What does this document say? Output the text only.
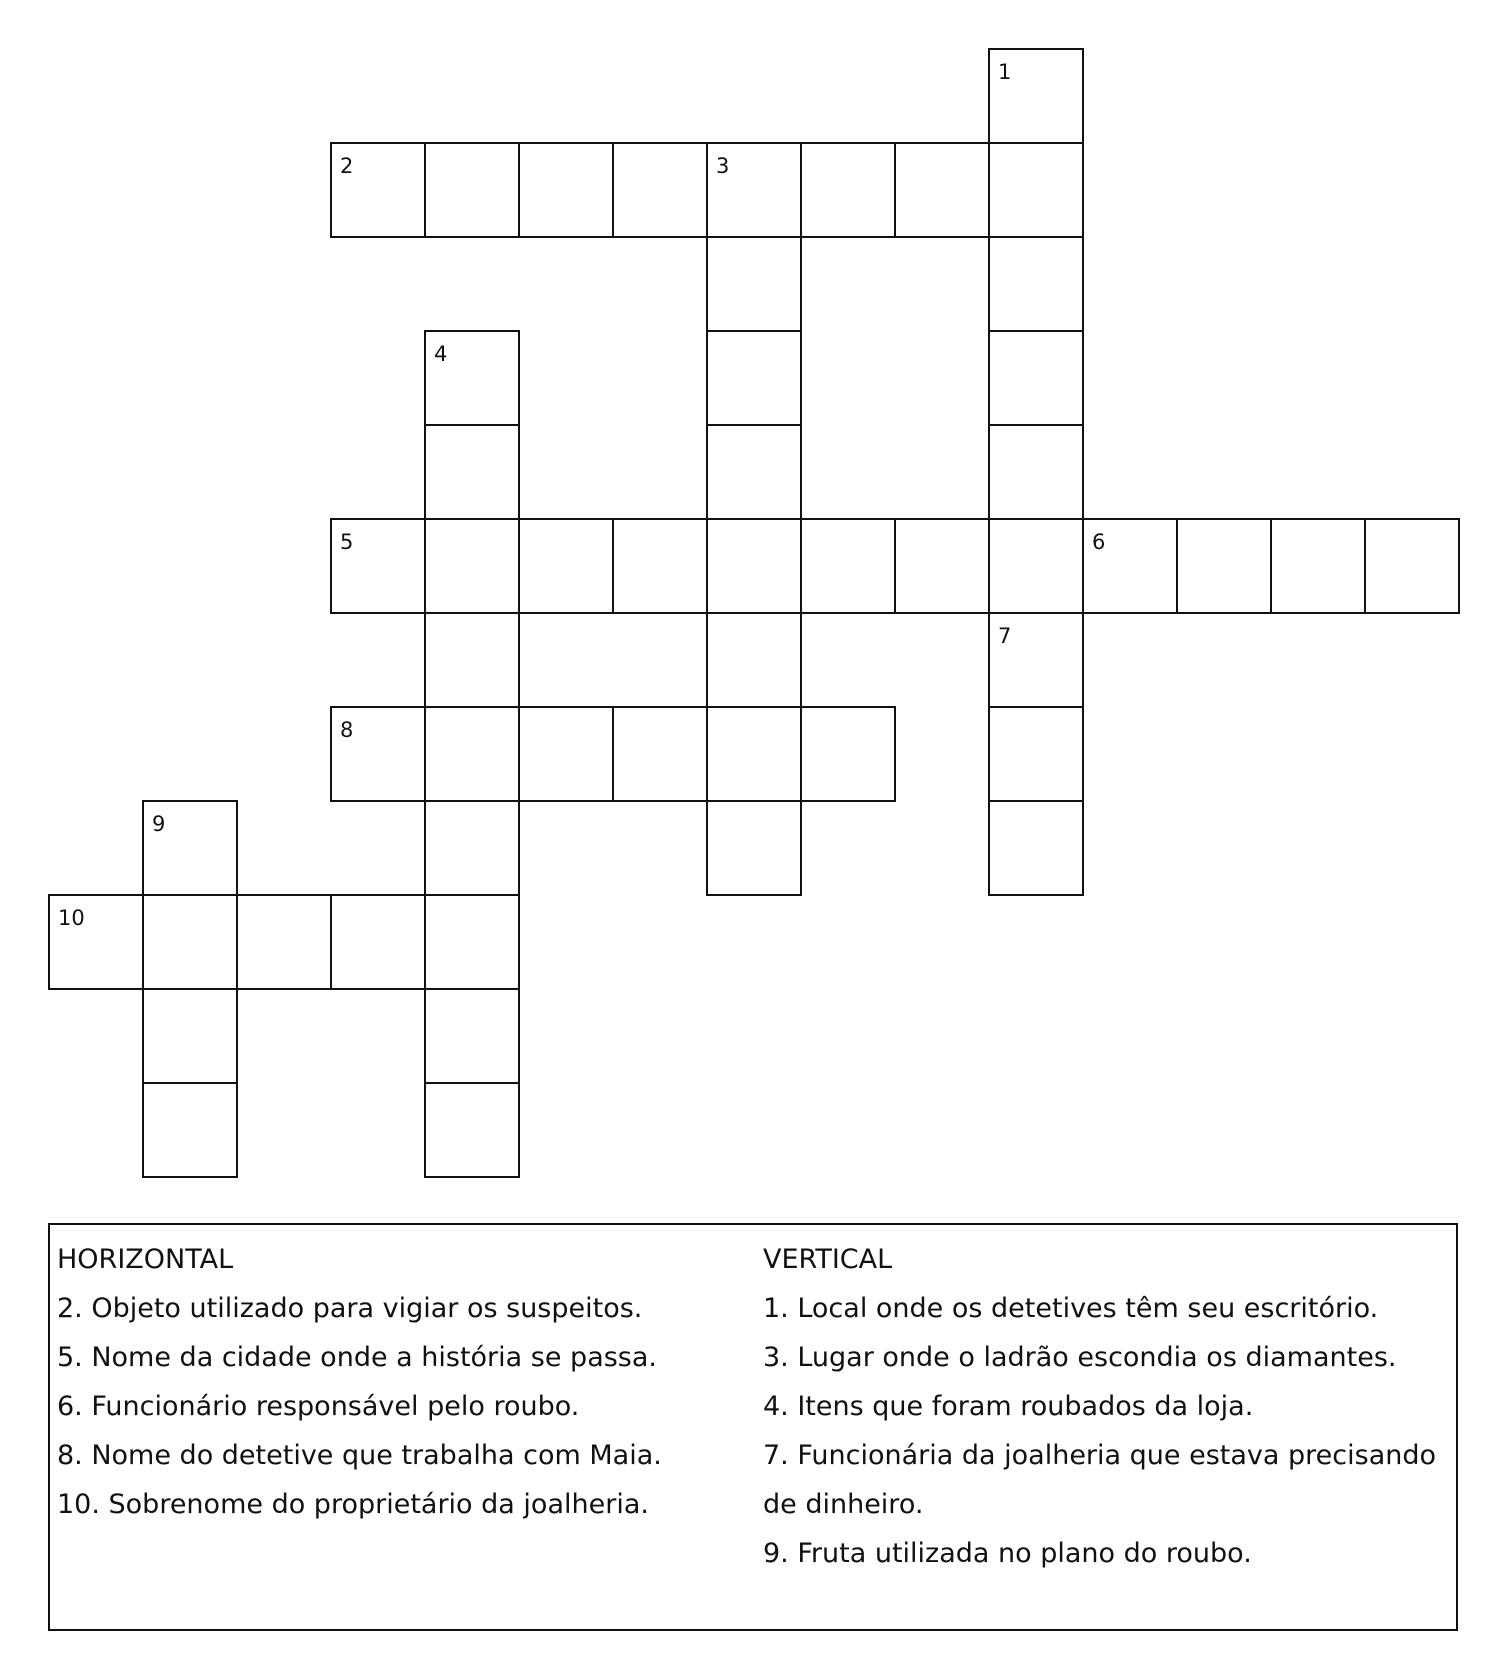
1
2	3
4
5	6
7
8
9
10
HORIZONTAL
2. Objeto utilizado para vigiar os suspeitos.
5. Nome da cidade onde a história se passa.
6. Funcionário responsável pelo roubo.
8. Nome do detetive que trabalha com Maia.
10. Sobrenome do proprietário da joalheria.
VERTICAL
1. Local onde os detetives têm seu escritório.
3. Lugar onde o ladrão escondia os diamantes.
4. Itens que foram roubados da loja.
7. Funcionária da joalheria que estava precisando de dinheiro.
9. Fruta utilizada no plano do roubo.
